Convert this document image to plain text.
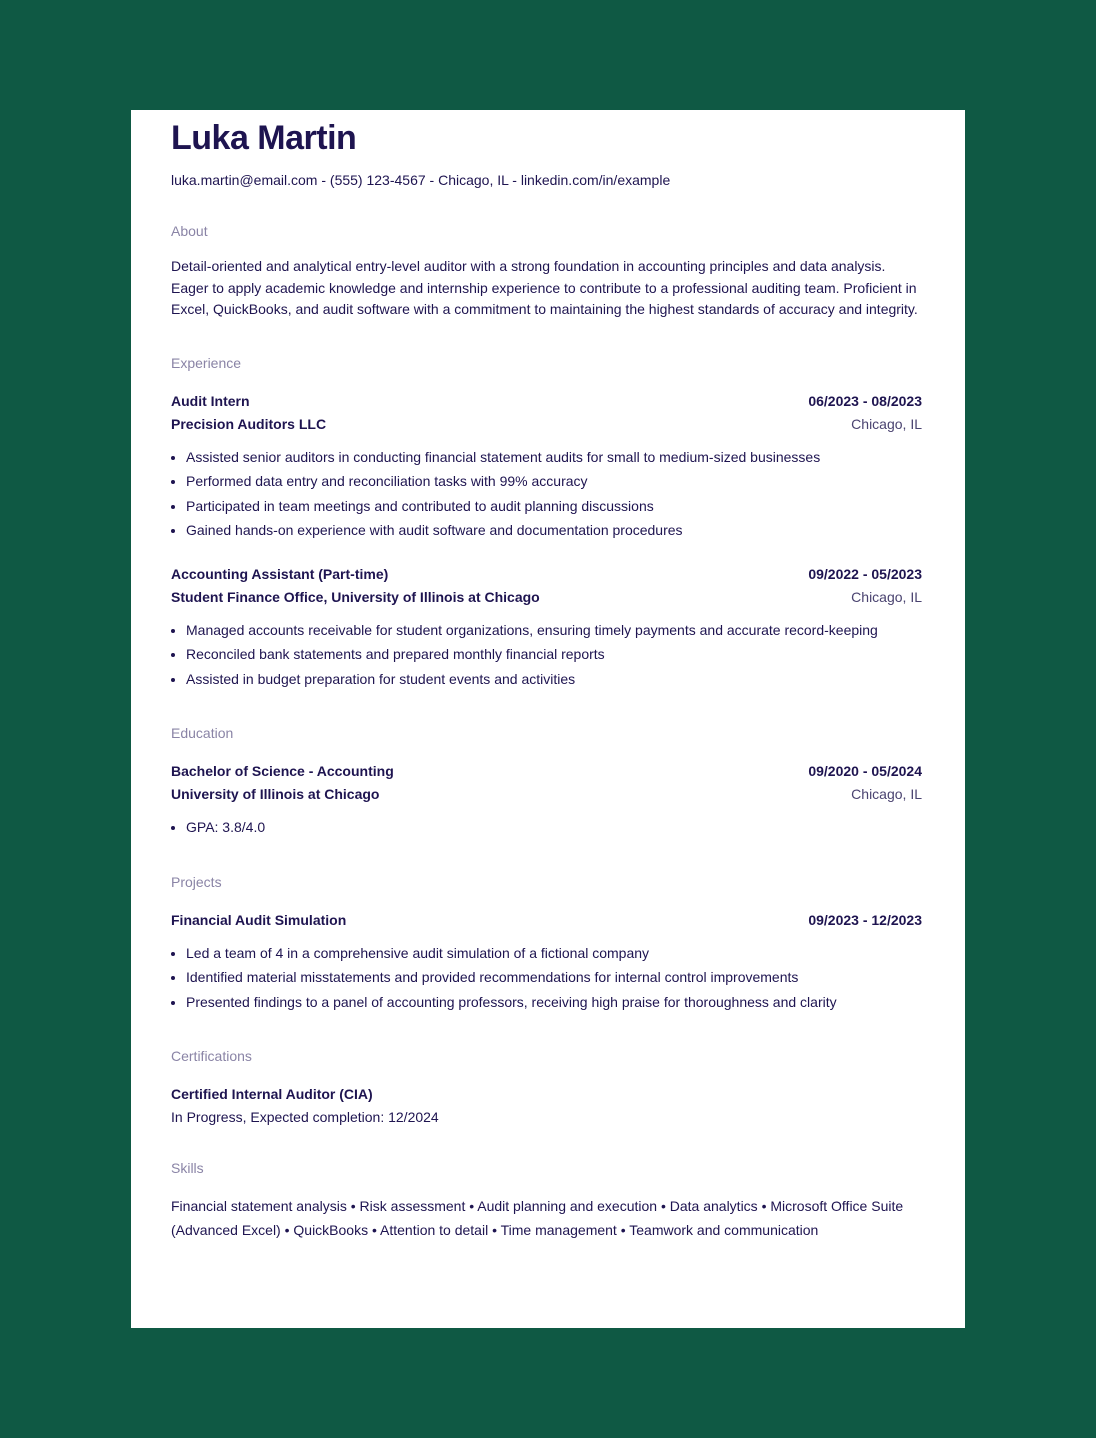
Luka Martin
luka.martin@email.com - (555) 123-4567 - Chicago, IL - linkedin.com/in/example
About
Detail-oriented and analytical entry-level auditor with a strong foundation in accounting principles and data analysis. Eager to apply academic knowledge and internship experience to contribute to a professional auditing team. Proficient in Excel, QuickBooks, and audit software with a commitment to maintaining the highest standards of accuracy and integrity.
Experience
Audit Intern	06/2023 - 08/2023
Precision Auditors LLC	Chicago, IL
• Assisted senior auditors in conducting financial statement audits for small to medium-sized businesses
• Performed data entry and reconciliation tasks with 99% accuracy
• Participated in team meetings and contributed to audit planning discussions
• Gained hands-on experience with audit software and documentation procedures
Accounting Assistant (Part-time)	09/2022 - 05/2023
Student Finance Office, University of Illinois at Chicago	Chicago, IL
• Managed accounts receivable for student organizations, ensuring timely payments and accurate record-keeping
• Reconciled bank statements and prepared monthly financial reports
• Assisted in budget preparation for student events and activities
Education
Bachelor of Science - Accounting	09/2020 - 05/2024
University of Illinois at Chicago	Chicago, IL
• GPA: 3.8/4.0
Projects
Financial Audit Simulation	09/2023 - 12/2023
• Led a team of 4 in a comprehensive audit simulation of a fictional company
• Identified material misstatements and provided recommendations for internal control improvements
• Presented findings to a panel of accounting professors, receiving high praise for thoroughness and clarity
Certifications
Certified Internal Auditor (CIA)
In Progress, Expected completion: 12/2024
Skills
Financial statement analysis • Risk assessment • Audit planning and execution • Data analytics • Microsoft Office Suite (Advanced Excel) • QuickBooks • Attention to detail • Time management • Teamwork and communication
